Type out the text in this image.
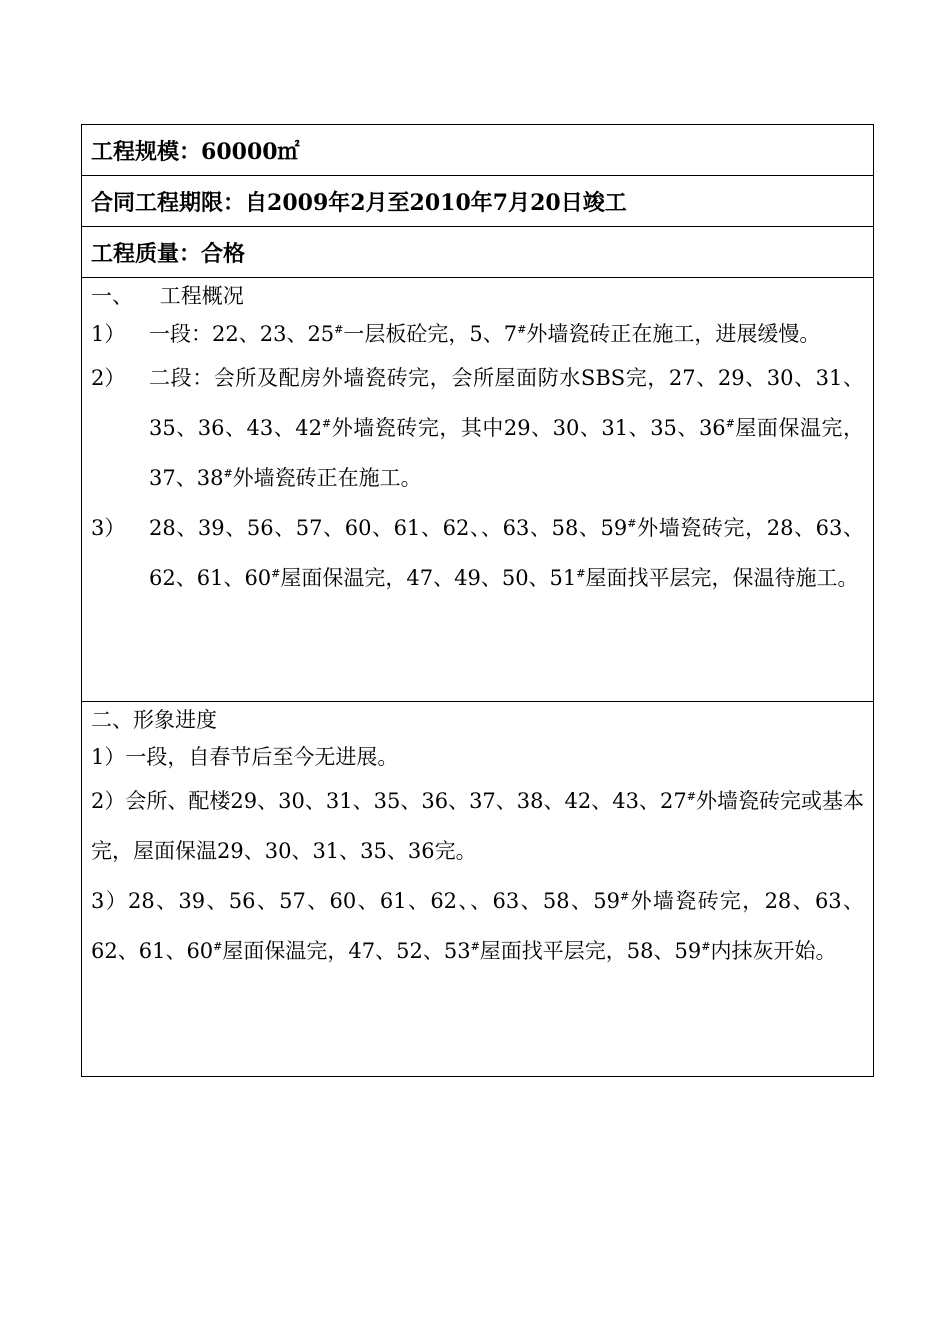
工程规模： 60000㎡
合同工程期限： 自2009年2月至2010年7月20日竣工
工程质量： 合格
一、    工程概况
1）	一段：22、23、25#一层板砼完，5、7#外墙瓷砖正在施工，进展缓慢。
2）	二段：会所及配房外墙瓷砖完，会所屋面防水SBS完，27、29、30、31、35、36、43、42#外墙瓷砖完，其中29、30、31、35、36#屋面保温完，37、38#外墙瓷砖正在施工。
3）	28、39、56、57、60、61、62、、63、58、59#外墙瓷砖完，28、63、62、61、60#屋面保温完，47、49、50、51#屋面找平层完，保温待施工。
二、形象进度
1）一段，自春节后至今无进展。
2）会所、配楼29、30、31、35、36、37、38、42、43、27#外墙瓷砖完或基本完，屋面保温29、30、31、35、36完。
3）28、39、56、57、60、61、62、、63、58、59#外墙瓷砖完，28、63、62、61、60#屋面保温完，47、52、53#屋面找平层完，58、59#内抹灰开始。
